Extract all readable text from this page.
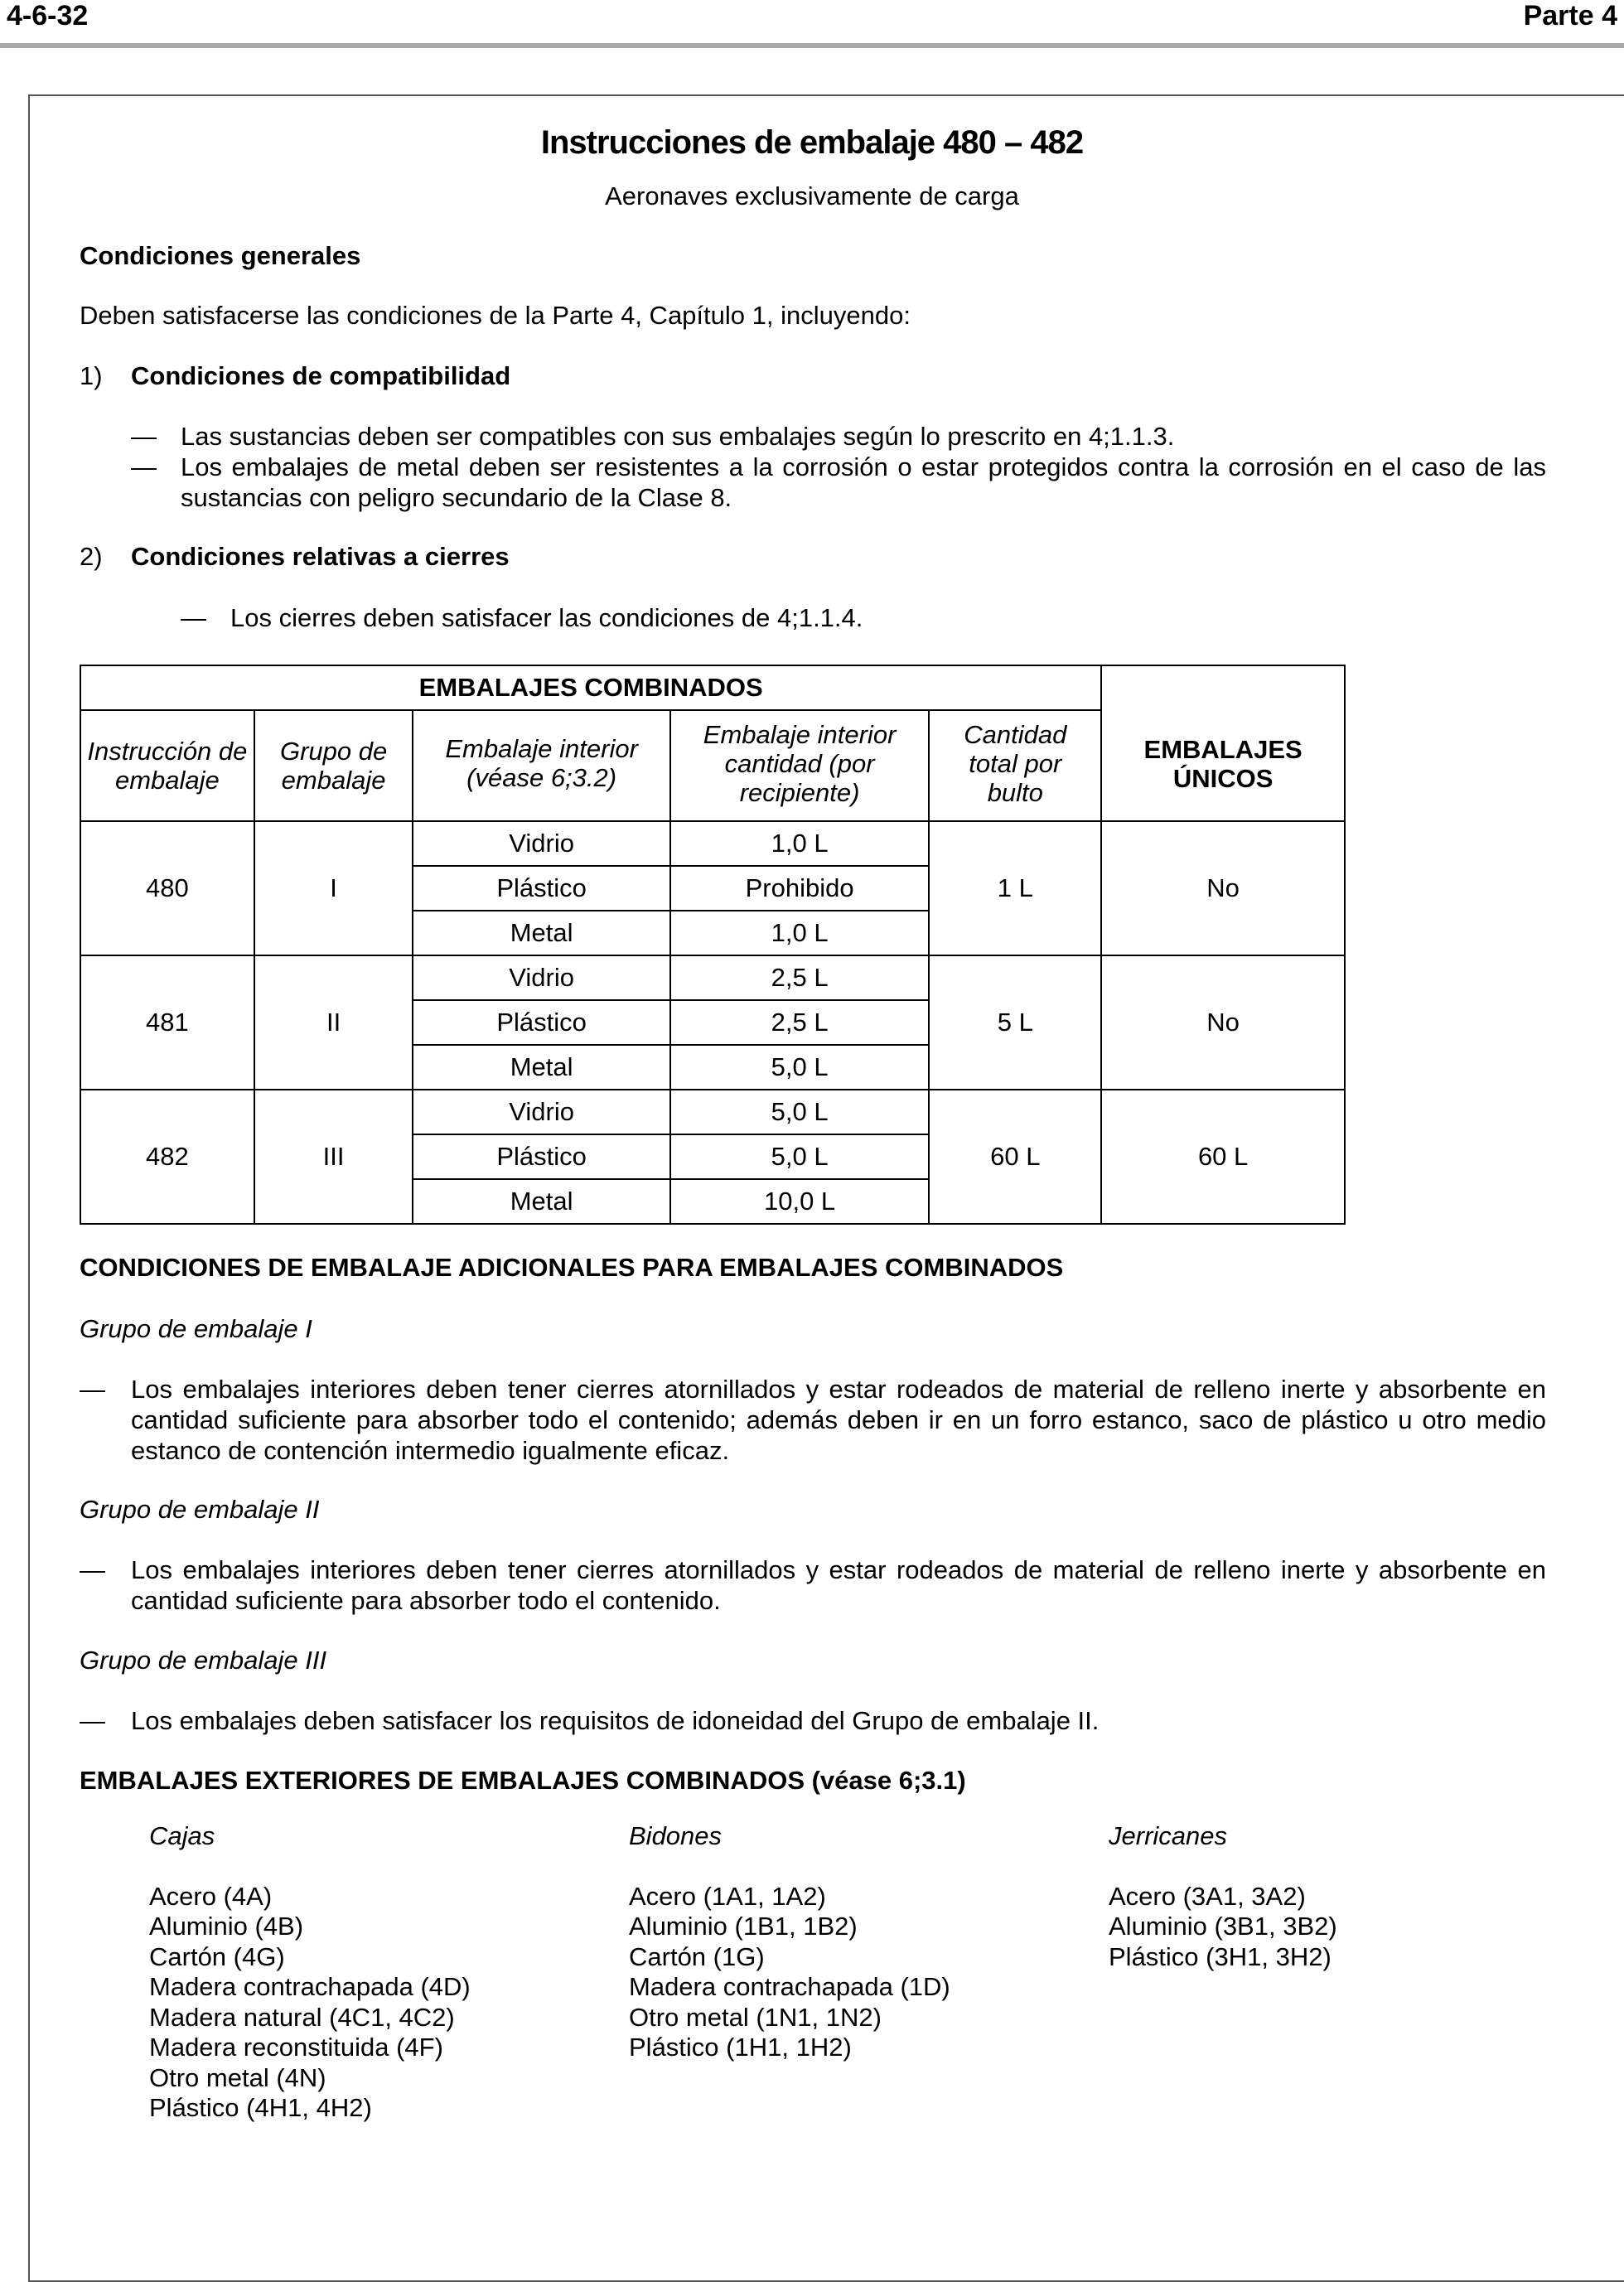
4-6-32	Parte 4
Instrucciones de embalaje 480 – 482
Aeronaves exclusivamente de carga
Condiciones generales
Deben satisfacerse las condiciones de la Parte 4, Capítulo 1, incluyendo:
1) Condiciones de compatibilidad
— Las sustancias deben ser compatibles con sus embalajes según lo prescrito en 4;1.1.3.
— Los embalajes de metal deben ser resistentes a la corrosión o estar protegidos contra la corrosión en el caso de las sustancias con peligro secundario de la Clase 8.
2) Condiciones relativas a cierres
— Los cierres deben satisfacer las condiciones de 4;1.1.4.
EMBALAJES COMBINADOS					EMBALAJES ÚNICOS
Instrucción de embalaje	Grupo de embalaje	Embalaje interior (véase 6;3.2)	Embalaje interior cantidad (por recipiente)	Cantidad total por bulto	
480	I	Vidrio	1,0 L	1 L	No
		Plástico	Prohibido		
		Metal	1,0 L		
481	II	Vidrio	2,5 L	5 L	No
		Plástico	2,5 L		
		Metal	5,0 L		
482	III	Vidrio	5,0 L	60 L	60 L
		Plástico	5,0 L		
		Metal	10,0 L		
CONDICIONES DE EMBALAJE ADICIONALES PARA EMBALAJES COMBINADOS
Grupo de embalaje I
— Los embalajes interiores deben tener cierres atornillados y estar rodeados de material de relleno inerte y absorbente en cantidad suficiente para absorber todo el contenido; además deben ir en un forro estanco, saco de plástico u otro medio estanco de contención intermedio igualmente eficaz.
Grupo de embalaje II
— Los embalajes interiores deben tener cierres atornillados y estar rodeados de material de relleno inerte y absorbente en cantidad suficiente para absorber todo el contenido.
Grupo de embalaje III
— Los embalajes deben satisfacer los requisitos de idoneidad del Grupo de embalaje II.
EMBALAJES EXTERIORES DE EMBALAJES COMBINADOS (véase 6;3.1)
Cajas
Acero (4A)
Aluminio (4B)
Cartón (4G)
Madera contrachapada (4D)
Madera natural (4C1, 4C2)
Madera reconstituida (4F)
Otro metal (4N)
Plástico (4H1, 4H2)
Bidones
Acero (1A1, 1A2)
Aluminio (1B1, 1B2)
Cartón (1G)
Madera contrachapada (1D)
Otro metal (1N1, 1N2)
Plástico (1H1, 1H2)
Jerricanes
Acero (3A1, 3A2)
Aluminio (3B1, 3B2)
Plástico (3H1, 3H2)
